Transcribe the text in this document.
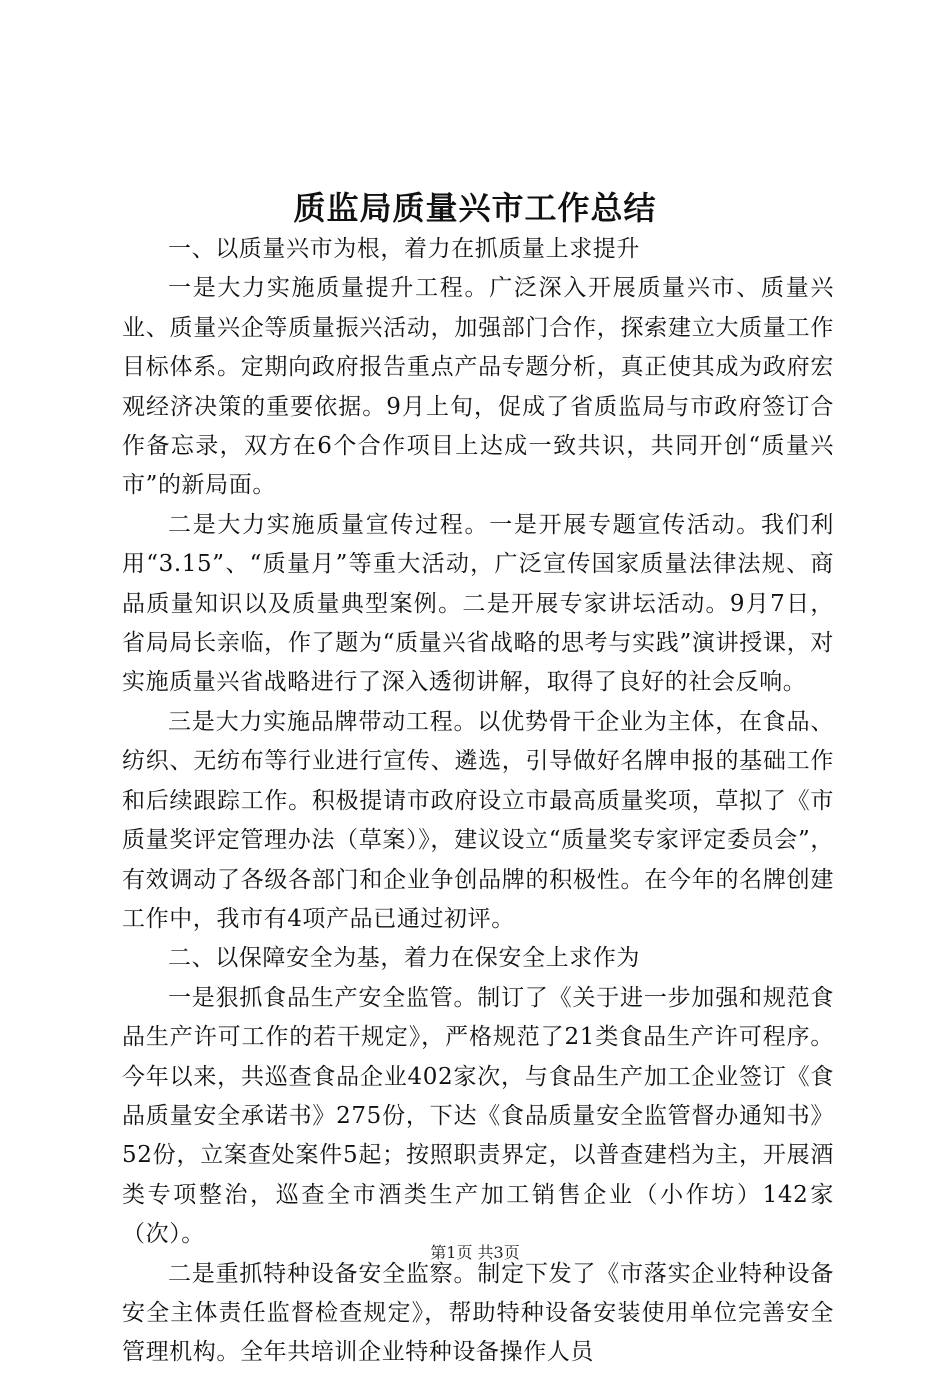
质监局质量兴市工作总结

一、以质量兴市为根，着力在抓质量上求提升

一是大力实施质量提升工程。广泛深入开展质量兴市、质量兴业、质量兴企等质量振兴活动，加强部门合作，探索建立大质量工作目标体系。定期向政府报告重点产品专题分析，真正使其成为政府宏观经济决策的重要依据。9月上旬，促成了省质监局与市政府签订合作备忘录，双方在6个合作项目上达成一致共识，共同开创“质量兴市”的新局面。

二是大力实施质量宣传过程。一是开展专题宣传活动。我们利用“3.15”、“质量月”等重大活动，广泛宣传国家质量法律法规、商品质量知识以及质量典型案例。二是开展专家讲坛活动。9月7日，省局局长亲临，作了题为“质量兴省战略的思考与实践”演讲授课，对实施质量兴省战略进行了深入透彻讲解，取得了良好的社会反响。

三是大力实施品牌带动工程。以优势骨干企业为主体，在食品、纺织、无纺布等行业进行宣传、遴选，引导做好名牌申报的基础工作和后续跟踪工作。积极提请市政府设立市最高质量奖项，草拟了《市质量奖评定管理办法（草案）》，建议设立“质量奖专家评定委员会”，有效调动了各级各部门和企业争创品牌的积极性。在今年的名牌创建工作中，我市有4项产品已通过初评。

二、以保障安全为基，着力在保安全上求作为

一是狠抓食品生产安全监管。制订了《关于进一步加强和规范食品生产许可工作的若干规定》，严格规范了21类食品生产许可程序。今年以来，共巡查食品企业402家次，与食品生产加工企业签订《食品质量安全承诺书》275份，下达《食品质量安全监管督办通知书》52份，立案查处案件5起；按照职责界定，以普查建档为主，开展酒类专项整治，巡查全市酒类生产加工销售企业（小作坊）142家（次）。

二是重抓特种设备安全监察。制定下发了《市落实企业特种设备安全主体责任监督检查规定》，帮助特种设备安装使用单位完善安全管理机构。全年共培训企业特种设备操作人员

第1页 共3页
